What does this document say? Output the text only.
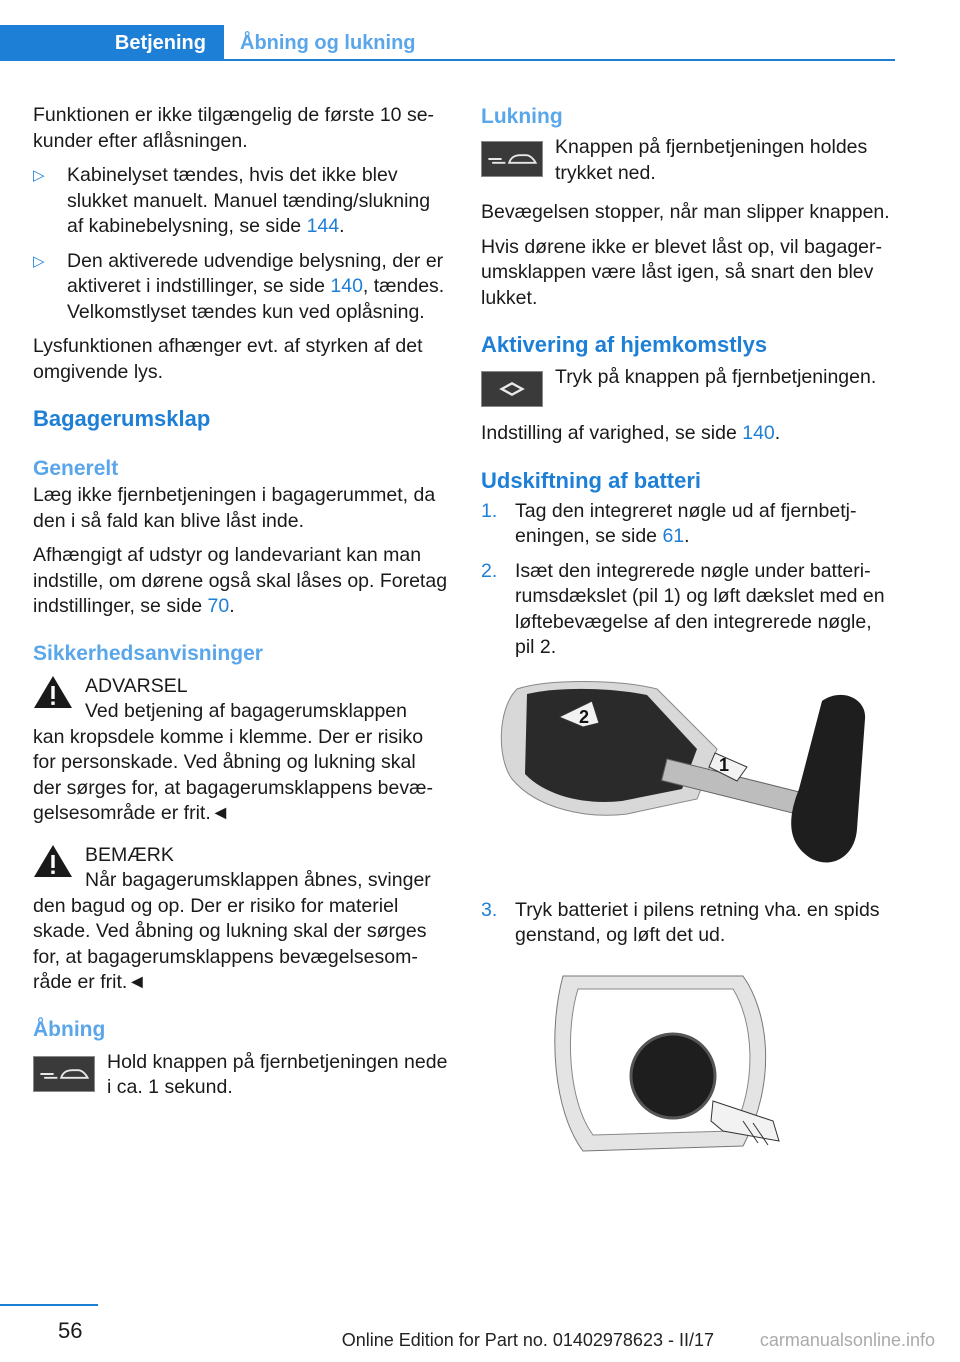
Betjening	Åbning og lukning

Funktionen er ikke tilgængelig de første 10 sekunder efter aflåsningen.

▷ Kabinelyset tændes, hvis det ikke blev slukket manuelt. Manuel tænding/slukning af kabinebelysning, se side 144.
▷ Den aktiverede udvendige belysning, der er aktiveret i indstillinger, se side 140, tændes. Velkomstlyset tændes kun ved oplåsning.

Lysfunktionen afhænger evt. af styrken af det omgivende lys.

Bagagerumsklap
Generelt

Læg ikke fjernbetjeningen i bagagerummet, da den i så fald kan blive låst inde.

Afhængigt af udstyr og landevariant kan man indstille, om dørene også skal låses op. Foretag indstillinger, se side 70.

Sikkerhedsanvisninger
ADVARSEL
Ved betjening af bagagerumsklappen
kan kropsdele komme i klemme. Der er risiko for personskade. Ved åbning og lukning skal der sørges for, at bagagerumsklappens bevægelsesområde er frit.◄
BEMÆRK
Når bagagerumsklappen åbnes, svinger
den bagud og op. Der er risiko for materiel skade. Ved åbning og lukning skal der sørges for, at bagagerumsklappens bevægelsesområde er frit.◄
Åbning
Hold knappen på fjernbetjeningen nede i ca. 1 sekund.
Lukning
Knappen på fjernbetjeningen holdes trykket ned.

Bevægelsen stopper, når man slipper knappen.

Hvis dørene ikke er blevet låst op, vil bagagerumsklappen være låst igen, så snart den blev lukket.

Aktivering af hjemkomstlys
Tryk på knappen på fjernbetjeningen.

Indstilling af varighed, se side 140.

Udskiftning af batteri
1. Tag den integreret nøgle ud af fjernbetjeningen, se side 61.
2. Isæt den integrerede nøgle under batterirumsdækslet (pil 1) og løft dækslet med en løftebevægelse af den integrerede nøgle, pil 2.
2
1
3. Tryk batteriet i pilens retning vha. en spids genstand, og løft det ud.
56	Online Edition for Part no. 01402978623 - II/17	carmanualsonline.info
